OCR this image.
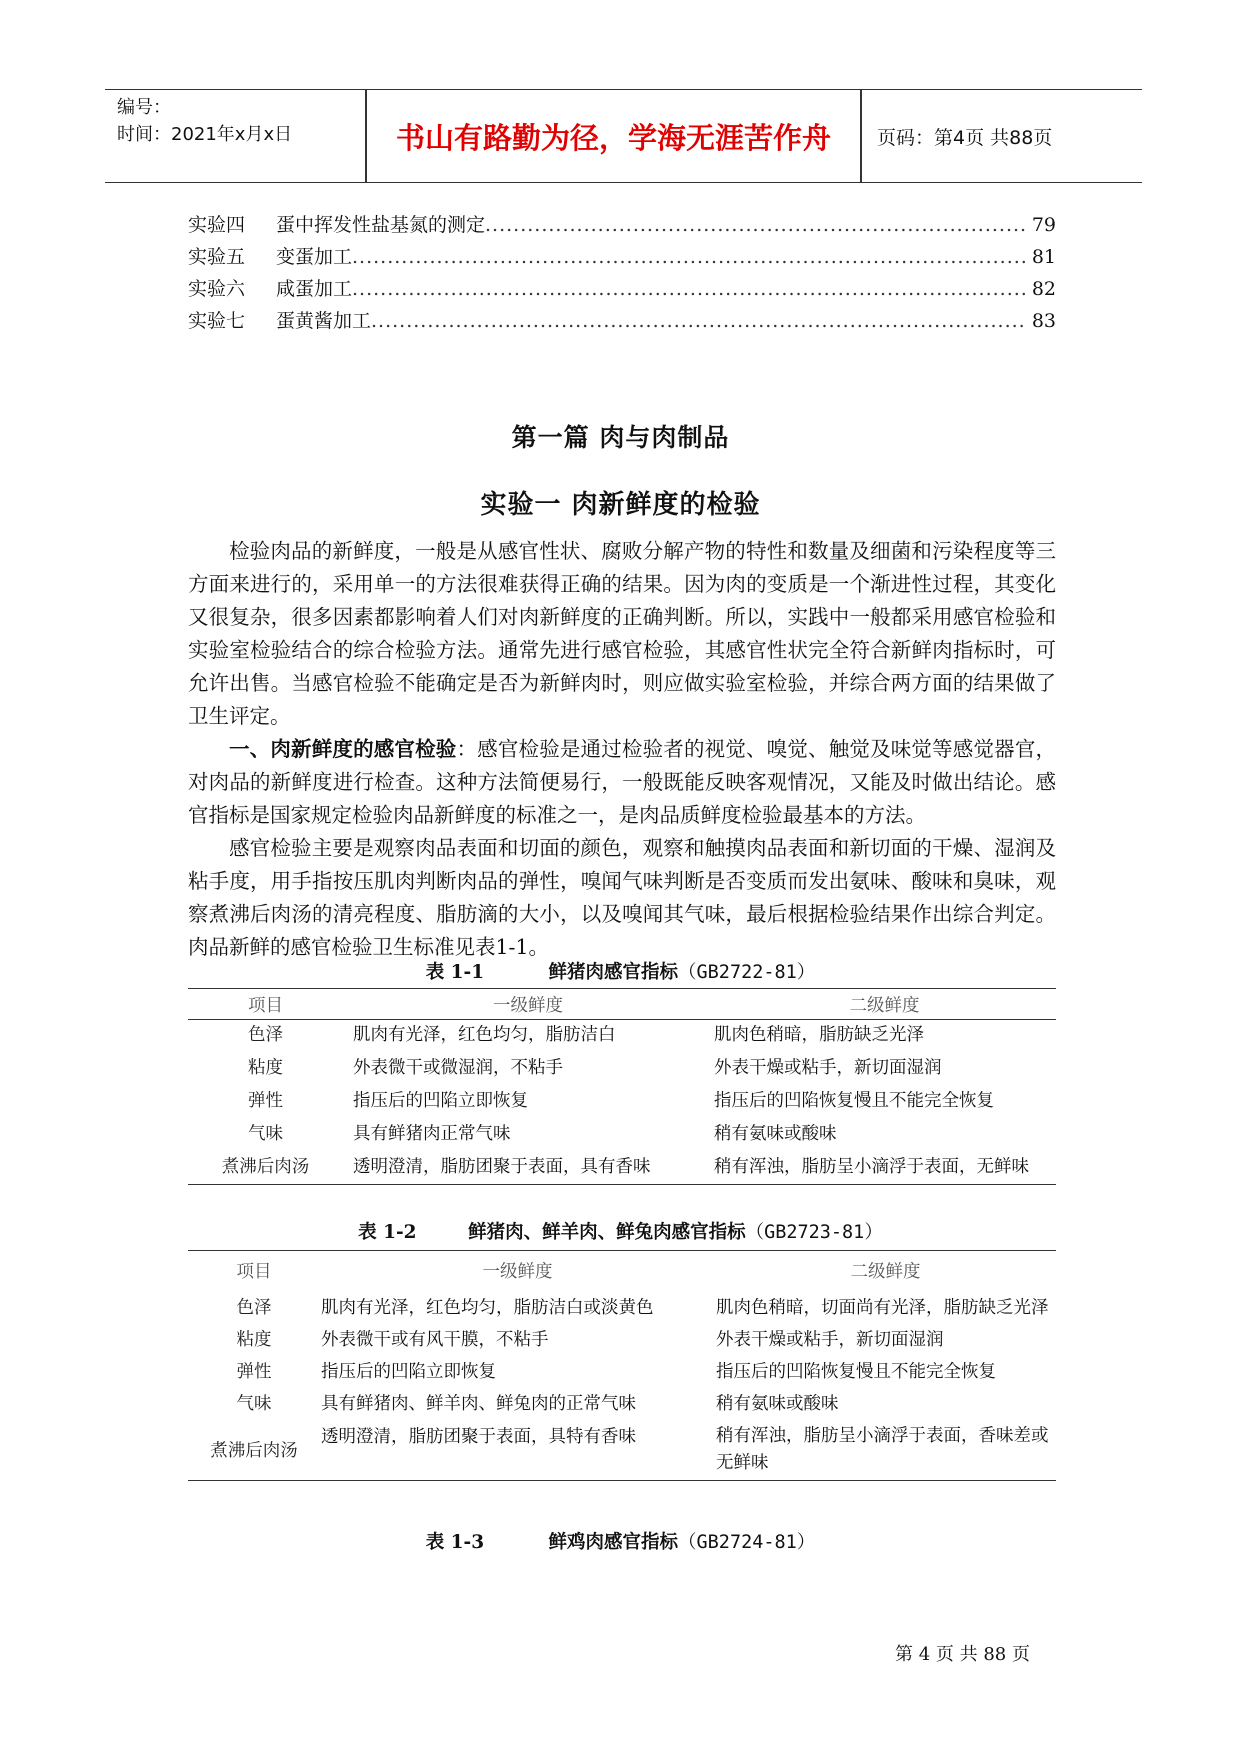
编号：
时间：2021年x月x日	书山有路勤为径，学海无涯苦作舟	页码：第4页 共88页
实验四	蛋中挥发性盐基氮的测定 .....	79
实验五	变蛋加工 .....	81
实验六	咸蛋加工 .....	82
实验七	蛋黄酱加工 .....	83
第一篇 肉与肉制品
实验一 肉新鲜度的检验

检验肉品的新鲜度，一般是从感官性状、腐败分解产物的特性和数量及细菌和污染程度等三方面来进行的，采用单一的方法很难获得正确的结果。因为肉的变质是一个渐进性过程，其变化又很复杂，很多因素都影响着人们对肉新鲜度的正确判断。所以，实践中一般都采用感官检验和实验室检验结合的综合检验方法。通常先进行感官检验，其感官性状完全符合新鲜肉指标时，可允许出售。当感官检验不能确定是否为新鲜肉时，则应做实验室检验，并综合两方面的结果做了卫生评定。

一、肉新鲜度的感官检验：感官检验是通过检验者的视觉、嗅觉、触觉及味觉等感觉器官，对肉品的新鲜度进行检查。这种方法简便易行，一般既能反映客观情况，又能及时做出结论。感官指标是国家规定检验肉品新鲜度的标准之一，是肉品质鲜度检验最基本的方法。

感官检验主要是观察肉品表面和切面的颜色，观察和触摸肉品表面和新切面的干燥、湿润及粘手度，用手指按压肌肉判断肉品的弹性，嗅闻气味判断是否变质而发出氨味、酸味和臭味，观察煮沸后肉汤的清亮程度、脂肪滴的大小，以及嗅闻其气味，最后根据检验结果作出综合判定。肉品新鲜的感官检验卫生标准见表1-1。

表 1-1	鲜猪肉感官指标（GB2722-81）
项目	一级鲜度	二级鲜度
色泽	肌肉有光泽，红色均匀，脂肪洁白	肌肉色稍暗，脂肪缺乏光泽
粘度	外表微干或微湿润，不粘手	外表干燥或粘手，新切面湿润
弹性	指压后的凹陷立即恢复	指压后的凹陷恢复慢且不能完全恢复
气味	具有鲜猪肉正常气味	稍有氨味或酸味
煮沸后肉汤	透明澄清，脂肪团聚于表面，具有香味	稍有浑浊，脂肪呈小滴浮于表面，无鲜味
表 1-2	鲜猪肉、鲜羊肉、鲜兔肉感官指标（GB2723-81）
项目	一级鲜度	二级鲜度
色泽	肌肉有光泽，红色均匀，脂肪洁白或淡黄色	肌肉色稍暗，切面尚有光泽，脂肪缺乏光泽
粘度	外表微干或有风干膜，不粘手	外表干燥或粘手，新切面湿润
弹性	指压后的凹陷立即恢复	指压后的凹陷恢复慢且不能完全恢复
气味	具有鲜猪肉、鲜羊肉、鲜兔肉的正常气味	稍有氨味或酸味
煮沸后肉汤	透明澄清，脂肪团聚于表面，具特有香味	稍有浑浊，脂肪呈小滴浮于表面，香味差或无鲜味
表 1-3	鲜鸡肉感官指标（GB2724-81）
第 4 页 共 88 页
